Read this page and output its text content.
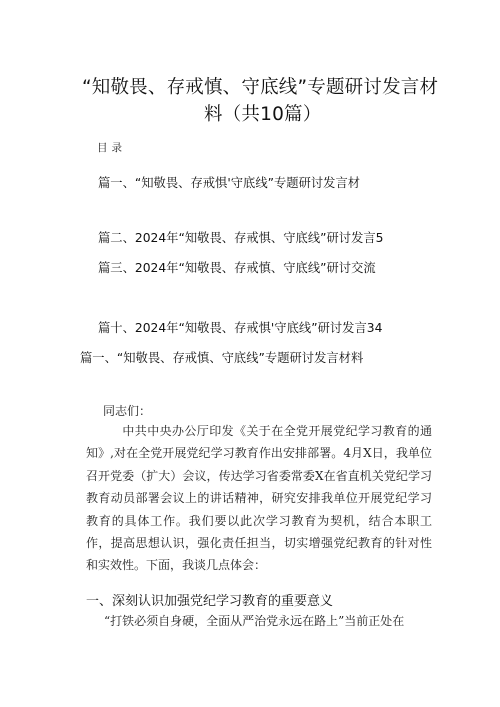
“知敬畏、存戒慎、守底线”专题研讨发言材
料（共10篇）
目录
篇一、“知敬畏、存戒惧'守底线”专题研讨发言材
篇二、2024年“知敬畏、存戒惧、守底线”研讨发言5
篇三、2024年“知敬畏、存戒慎、守底线”研讨交流
篇十、2024年“知敬畏、存戒惧'守底线”研讨发言34
篇一、“知敬畏、存戒慎、守底线”专题研讨发言材料
同志们：
中共中央办公厅印发《关于在全党开展党纪学习教育的通知》,对在全党开展党纪学习教育作出安排部署。4月X日，我单位召开党委（扩大）会议，传达学习省委常委X在省直机关党纪学习教育动员部署会议上的讲话精神，研究安排我单位开展党纪学习教育的具体工作。我们要以此次学习教育为契机，结合本职工作，提高思想认识，强化责任担当，切实增强党纪教育的针对性和实效性。下面，我谈几点体会：
一、深刻认识加强党纪学习教育的重要意义
“打铁必须自身硬，全面从严治党永远在路上”当前正处在
